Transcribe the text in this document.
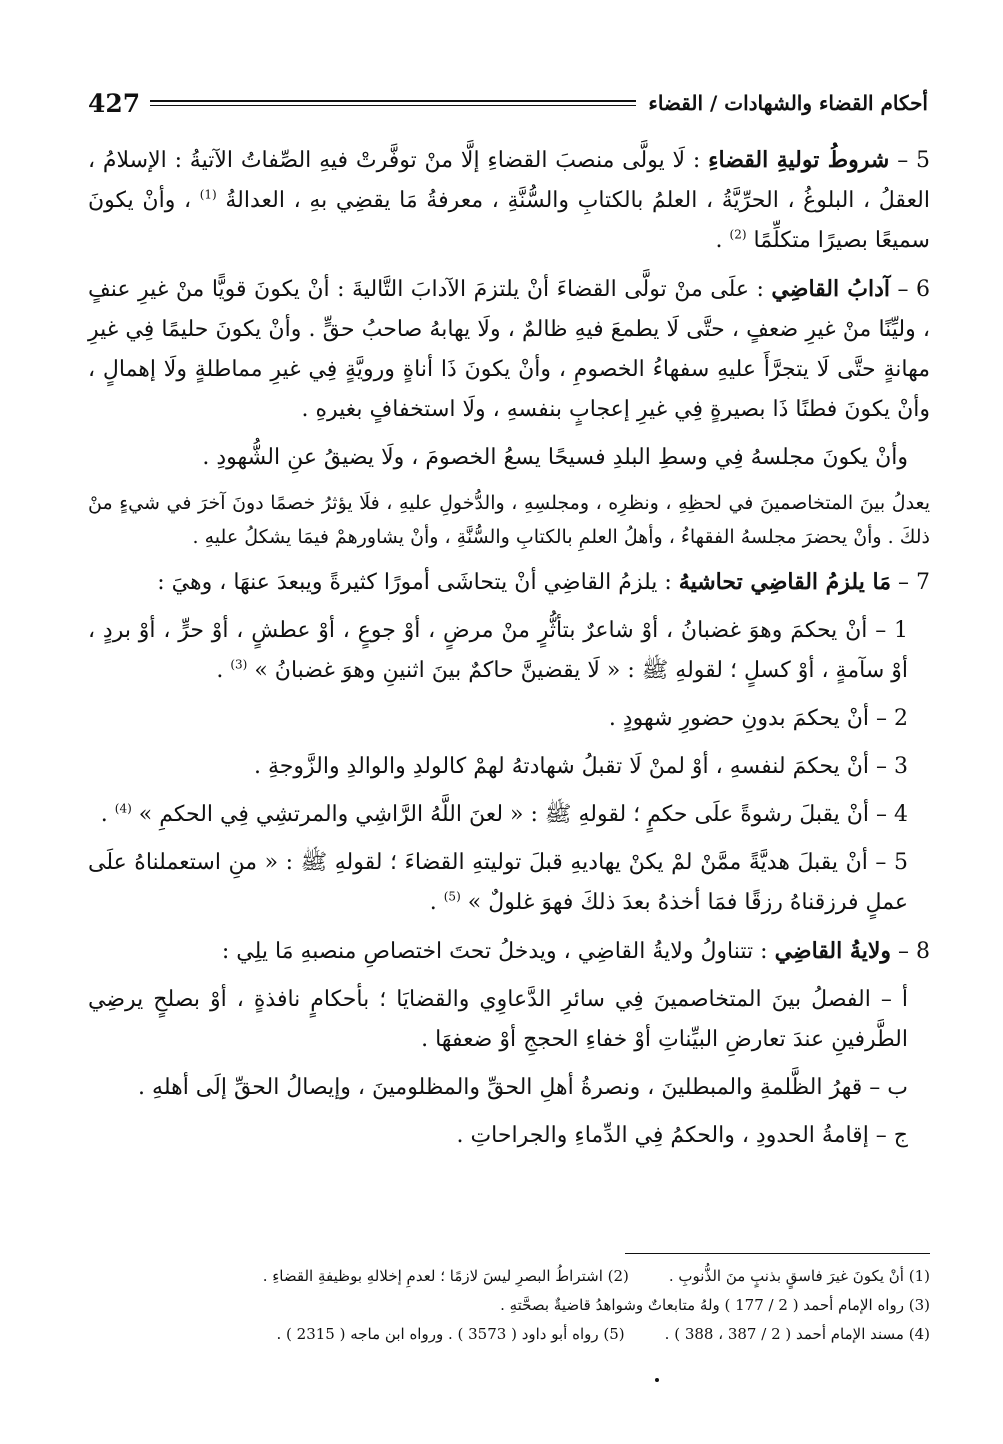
427	أحكام القضاء والشهادات / القضاء

5 – شروطُ توليةِ القضاءِ : لَا يولَّى منصبَ القضاءِ إلَّا منْ توفَّرتْ فيهِ الصِّفاتُ الآتيةُ : الإسلامُ ، العقلُ ، البلوغُ ، الحرِّيَّةُ ، العلمُ بالكتابِ والسُّنَّةِ ، معرفةُ مَا يقضِي بهِ ، العدالةُ $^{(1)}$ ، وأنْ يكونَ سميعًا بصيرًا متكلِّمًا $^{(2)}$ .

6 – آدابُ القاضِي : علَى منْ تولَّى القضاءَ أنْ يلتزمَ الآدابَ التَّاليةَ : أنْ يكونَ قويًّا منْ غيرِ عنفٍ ، وليِّنًا منْ غيرِ ضعفٍ ، حتَّى لَا يطمعَ فيهِ ظالمٌ ، ولَا يهابهُ صاحبُ حقٍّ . وأنْ يكونَ حليمًا فِي غيرِ مهانةٍ حتَّى لَا يتجرَّأَ عليهِ سفهاءُ الخصومِ ، وأنْ يكونَ ذَا أناةٍ ورويَّةٍ فِي غيرِ مماطلةٍ ولَا إهمالٍ ، وأنْ يكونَ فطنًا ذَا بصيرةٍ فِي غيرِ إعجابٍ بنفسهِ ، ولَا استخفافٍ بغيرهِ .

وأنْ يكونَ مجلسهُ فِي وسطِ البلدِ فسيحًا يسعُ الخصومَ ، ولَا يضيقُ عنِ الشُّهودِ .

يعدلُ بينَ المتخاصمينَ في لحظِهِ ، ونظرِه ، ومجلسِهِ ، والدُّخولِ عليهِ ، فلَا يؤثرُ خصمًا دونَ آخرَ في شيءٍ منْ ذلكَ . وأنْ يحضرَ مجلسهُ الفقهاءُ ، وأهلُ العلمِ بالكتابِ والسُّنَّةِ ، وأنْ يشاورهمْ فيمَا يشكلُ عليهِ .

7 – مَا يلزمُ القاضِي تحاشيهُ : يلزمُ القاضِي أنْ يتحاشَى أمورًا كثيرةً ويبعدَ عنهَا ، وهيَ :

1 – أنْ يحكمَ وهوَ غضبانُ ، أوْ شاعرٌ بتأثُّرٍ منْ مرضٍ ، أوْ جوعٍ ، أوْ عطشٍ ، أوْ حرٍّ ، أوْ بردٍ ، أوْ سآمةٍ ، أوْ كسلٍ ؛ لقولهِ ﷺ : « لَا يقضينَّ حاكمٌ بينَ اثنينِ وهوَ غضبانُ » $^{(3)}$ .

2 – أنْ يحكمَ بدونِ حضورِ شهودٍ .

3 – أنْ يحكمَ لنفسهِ ، أوْ لمنْ لَا تقبلُ شهادتهُ لهمْ كالولدِ والوالدِ والزَّوجةِ .

4 – أنْ يقبلَ رشوةً علَى حكمٍ ؛ لقولهِ ﷺ : « لعنَ اللَّهُ الرَّاشِي والمرتشِي فِي الحكمِ » $^{(4)}$ .

5 – أنْ يقبلَ هديَّةً ممَّنْ لمْ يكنْ يهاديهِ قبلَ توليتهِ القضاءَ ؛ لقولهِ ﷺ : « منِ استعملناهُ علَى عملٍ فرزقناهُ رزقًا فمَا أخذهُ بعدَ ذلكَ فهوَ غلولٌ » $^{(5)}$ .

8 – ولايةُ القاضِي : تتناولُ ولايةُ القاضِي ، ويدخلُ تحتَ اختصاصِ منصبهِ مَا يلِي :

أ – الفصلُ بينَ المتخاصمينَ فِي سائرِ الدَّعاوِي والقضايَا ؛ بأحكامٍ نافذةٍ ، أوْ بصلحٍ يرضِي الطَّرفينِ عندَ تعارضِ البيِّناتِ أوْ خفاءِ الحججِ أوْ ضعفهَا .

ب – قهرُ الظَّلمةِ والمبطلينَ ، ونصرةُ أهلِ الحقِّ والمظلومينَ ، وإيصالُ الحقِّ إلَى أهلهِ .

ج – إقامةُ الحدودِ ، والحكمُ فِي الدِّماءِ والجراحاتِ .

(1) أنْ يكونَ غيرَ فاسقٍ بذنبٍ منَ الذُّنوبِ .
(2) اشتراطُ البصرِ ليسَ لازمًا ؛ لعدمِ إخلالهِ بوظيفةِ القضاءِ .
(3) رواه الإمام أحمد ( 2 / 177 ) ولهُ متابعاتٌ وشواهدُ قاضيةٌ بصحَّتهِ .
(4) مسند الإمام أحمد ( 2 / 387 ، 388 ) .
(5) رواه أبو داود ( 3573 ) . ورواه ابن ماجه ( 2315 ) .
